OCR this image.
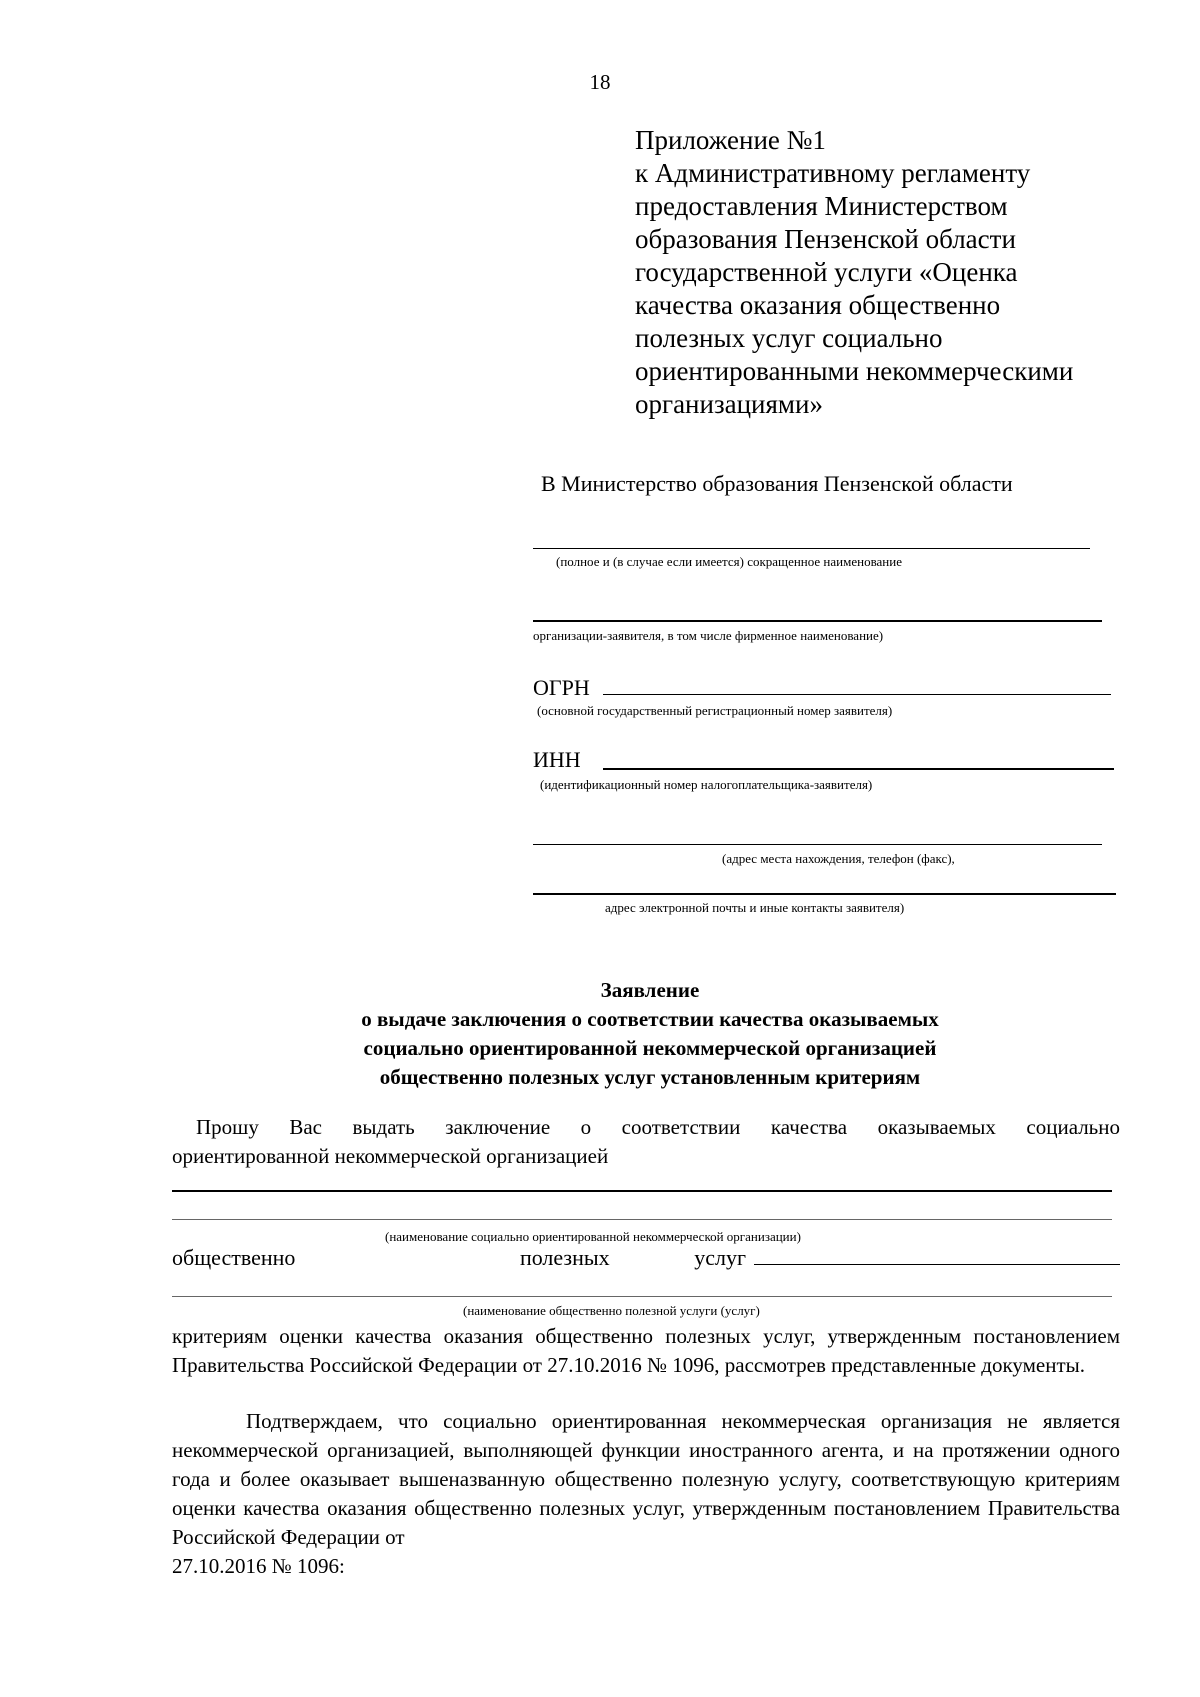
18
Приложение №1
к Административному регламенту
предоставления Министерством
образования Пензенской области
государственной услуги «Оценка
качества оказания общественно
полезных услуг социально
ориентированными некоммерческими
организациями»
В Министерство образования Пензенской области
(полное и (в случае если имеется) сокращенное наименование
организации-заявителя, в том числе фирменное наименование)
ОГРН
(основной государственный регистрационный номер заявителя)
ИНН
(идентификационный номер налогоплательщика-заявителя)
(адрес места нахождения, телефон (факс),
адрес электронной почты и иные контакты заявителя)
Заявление
о выдаче заключения о соответствии качества оказываемых
социально ориентированной некоммерческой организацией
общественно полезных услуг установленным критериям
Прошу Вас выдать заключение о соответствии качества оказываемых социально
ориентированной некоммерческой организацией
(наименование социально ориентированной некоммерческой организации)
общественно	полезных	услуг
(наименование общественно полезной услуги (услуг)
критериям оценки качества оказания общественно полезных услуг, утвержденным постановлением Правительства Российской Федерации от 27.10.2016 № 1096, рассмотрев представленные документы.
Подтверждаем, что социально ориентированная некоммерческая организация не является некоммерческой организацией, выполняющей функции иностранного агента, и на протяжении одного года и более оказывает вышеназванную общественно полезную услугу, соответствующую критериям оценки качества оказания общественно полезных услуг, утвержденным постановлением Правительства Российской Федерации от
27.10.2016 № 1096:
